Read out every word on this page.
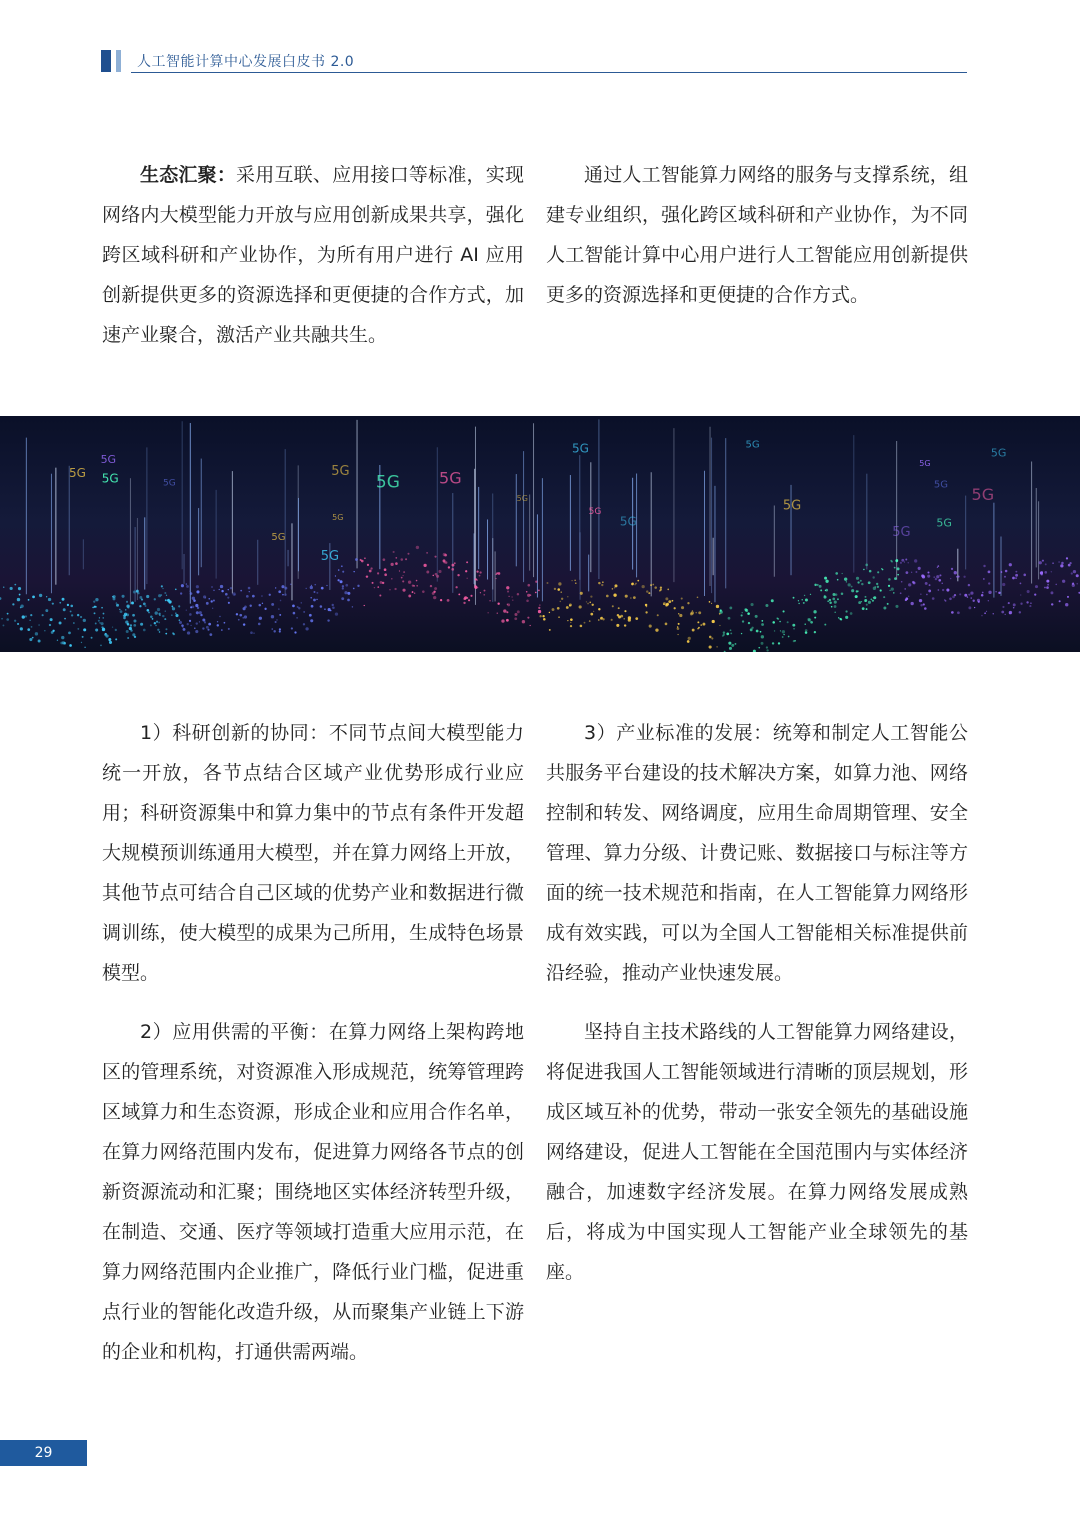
人工智能计算中心发展白皮书 2.0
生态汇聚：采用互联、应用接口等标准，实现网络内大模型能力开放与应用创新成果共享，强化跨区域科研和产业协作，为所有用户进行 AI 应用创新提供更多的资源选择和更便捷的合作方式，加速产业聚合，激活产业共融共生。
通过人工智能算力网络的服务与支撑系统，组建专业组织，强化跨区域科研和产业协作，为不同人工智能计算中心用户进行人工智能应用创新提供更多的资源选择和更便捷的合作方式。
5G	5G
5G
5G
5G
5G
5G
5G
5G
5G
5G
5G
5G
5G
5G
5G
5G
5G
5G	5G
5G
5G
1）科研创新的协同：不同节点间大模型能力统一开放，各节点结合区域产业优势形成行业应用；科研资源集中和算力集中的节点有条件开发超大规模预训练通用大模型，并在算力网络上开放，其他节点可结合自己区域的优势产业和数据进行微调训练，使大模型的成果为己所用，生成特色场景模型。
2）应用供需的平衡：在算力网络上架构跨地区的管理系统，对资源准入形成规范，统筹管理跨区域算力和生态资源，形成企业和应用合作名单，在算力网络范围内发布，促进算力网络各节点的创新资源流动和汇聚；围绕地区实体经济转型升级，在制造、交通、医疗等领域打造重大应用示范，在算力网络范围内企业推广，降低行业门槛，促进重点行业的智能化改造升级，从而聚集产业链上下游的企业和机构，打通供需两端。
3）产业标准的发展：统筹和制定人工智能公共服务平台建设的技术解决方案，如算力池、网络控制和转发、网络调度，应用生命周期管理、安全管理、算力分级、计费记账、数据接口与标注等方面的统一技术规范和指南，在人工智能算力网络形成有效实践，可以为全国人工智能相关标准提供前沿经验，推动产业快速发展。
坚持自主技术路线的人工智能算力网络建设，将促进我国人工智能领域进行清晰的顶层规划，形成区域互补的优势，带动一张安全领先的基础设施网络建设，促进人工智能在全国范围内与实体经济融合，加速数字经济发展。在算力网络发展成熟后，将成为中国实现人工智能产业全球领先的基座。
29
